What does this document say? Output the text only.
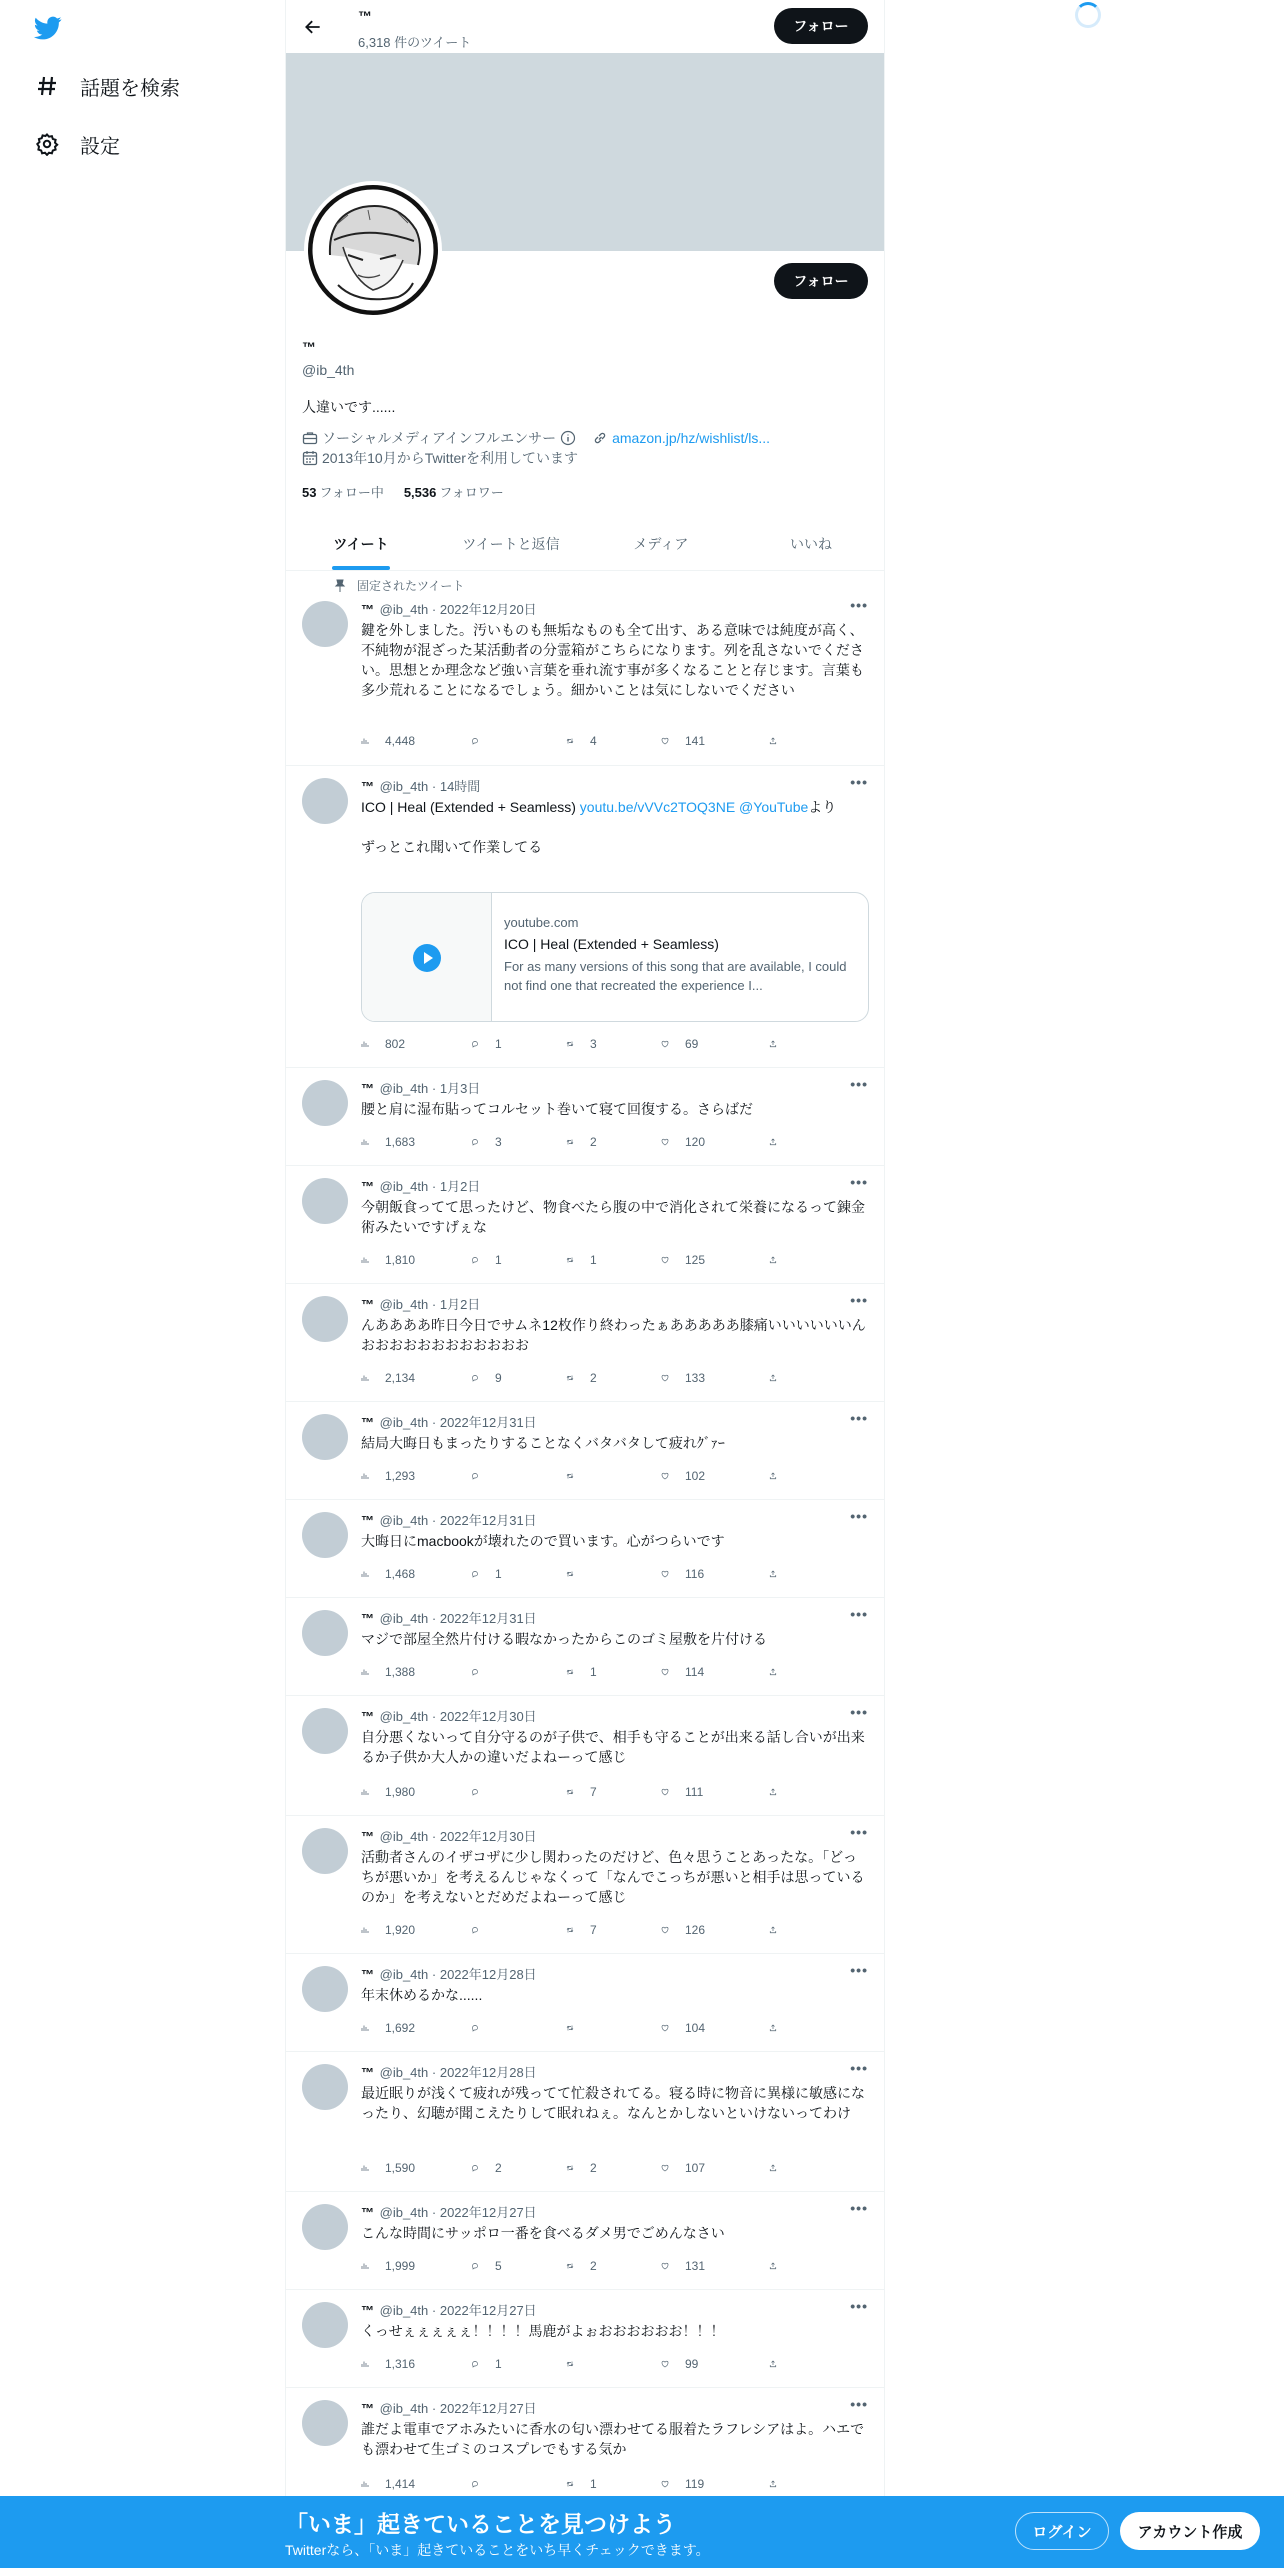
話題を検索
設定
™
6,318 件のツイート
フォロー
フォロー
™
@ib_4th
人違いです......
ソーシャルメディアインフルエンサー	amazon.jp/hz/wishlist/ls...
2013年10月からTwitterを利用しています
53 フォロー中 5,536 フォロワー
ツイート	ツイートと返信	メディア	いいね
固定されたツイート
™ @ib_4th · 2022年12月20日	•••
鍵を外しました。汚いものも無垢なものも全て出す、ある意味では純度が高く、不純物が混ざった某活動者の分霊箱がこちらになります。列を乱さないでください。思想とか理念など強い言葉を垂れ流す事が多くなることと存じます。言葉も多少荒れることになるでしょう。細かいことは気にしないでください
4,448	4	141
™ @ib_4th · 14時間	•••
ICO | Heal (Extended + Seamless) youtu.be/vVVc2TOQ3NE @YouTubeより
ずっとこれ聞いて作業してる
youtube.com
ICO | Heal (Extended + Seamless)
For as many versions of this song that are available, I could not find one that recreated the experience I...
802	1	3	69
™ @ib_4th · 1月3日	•••
腰と肩に湿布貼ってコルセット巻いて寝て回復する。さらばだ
1,683	3	2	120
™ @ib_4th · 1月2日	•••
今朝飯食ってて思ったけど、物食べたら腹の中で消化されて栄養になるって錬金術みたいですげぇな
1,810	1	1	125
™ @ib_4th · 1月2日	•••
んああああ昨日今日でサムネ12枚作り終わったぁあああああ膝痛いいいいいいんおおおおおおおおおおおお
2,134	9	2	133
™ @ib_4th · 2022年12月31日	•••
結局大晦日もまったりすることなくバタバタして疲れｸﾞｧｰ
1,293	102
™ @ib_4th · 2022年12月31日	•••
大晦日にmacbookが壊れたので買います。心がつらいです
1,468	1	116
™ @ib_4th · 2022年12月31日	•••
マジで部屋全然片付ける暇なかったからこのゴミ屋敷を片付ける
1,388	1	114
™ @ib_4th · 2022年12月30日	•••
自分悪くないって自分守るのが子供で、相手も守ることが出来る話し合いが出来るか子供か大人かの違いだよねーって感じ
1,980	7	111
™ @ib_4th · 2022年12月30日	•••
活動者さんのイザコザに少し関わったのだけど、色々思うことあったな。「どっちが悪いか」を考えるんじゃなくって「なんでこっちが悪いと相手は思っているのか」を考えないとだめだよねーって感じ
1,920	7	126
™ @ib_4th · 2022年12月28日	•••
年末休めるかな......
1,692	104
™ @ib_4th · 2022年12月28日	•••
最近眠りが浅くて疲れが残ってて忙殺されてる。寝る時に物音に異様に敏感になったり、幻聴が聞こえたりして眠れねぇ。なんとかしないといけないってわけ
1,590	2	2	107
™ @ib_4th · 2022年12月27日	•••
こんな時間にサッポロ一番を食べるダメ男でごめんなさい
1,999	5	2	131
™ @ib_4th · 2022年12月27日	•••
くっせぇぇぇぇぇ！！！！馬鹿がよぉおおおおおお！！！
1,316	1	99
™ @ib_4th · 2022年12月27日	•••
誰だよ電車でアホみたいに香水の匂い漂わせてる服着たラフレシアはよ。ハエでも漂わせて生ゴミのコスプレでもする気か
1,414	1	119
「いま」起きていることを見つけよう
Twitterなら、「いま」起きていることをいち早くチェックできます。
ログイン	アカウント作成
